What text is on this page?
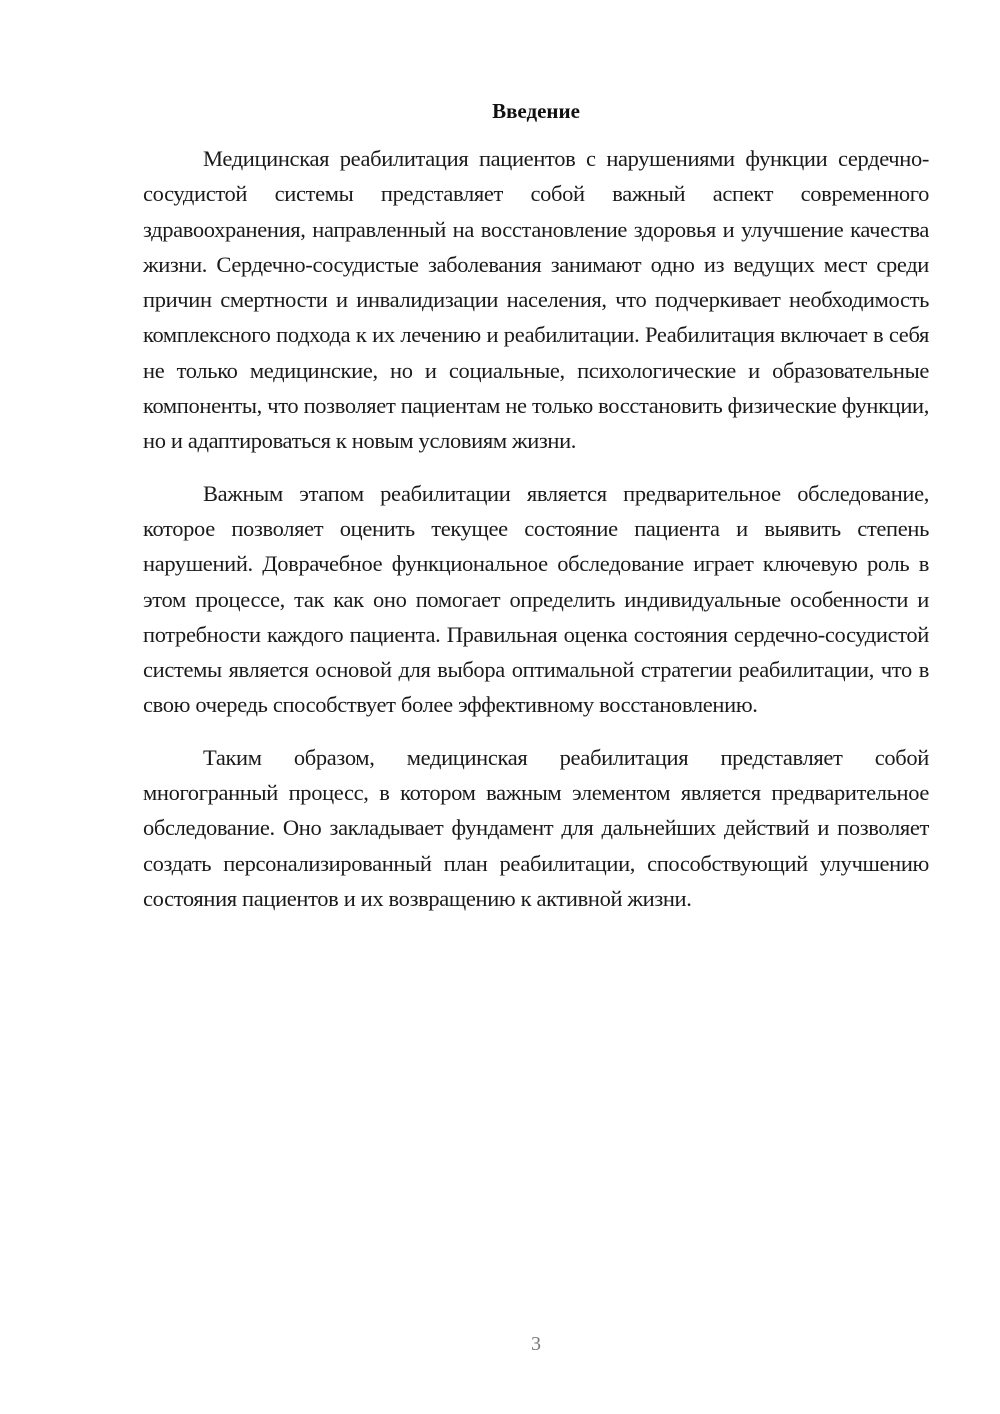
Введение

Медицинская реабилитация пациентов с нарушениями функции сердечно-сосудистой системы представляет собой важный аспект современного здравоохранения, направленный на восстановление здоровья и улучшение качества жизни. Сердечно-сосудистые заболевания занимают одно из ведущих мест среди причин смертности и инвалидизации населения, что подчеркивает необходимость комплексного подхода к их лечению и реабилитации. Реабилитация включает в себя не только медицинские, но и социальные, психологические и образовательные компоненты, что позволяет пациентам не только восстановить физические функции, но и адаптироваться к новым условиям жизни.

Важным этапом реабилитации является предварительное обследование, которое позволяет оценить текущее состояние пациента и выявить степень нарушений. Доврачебное функциональное обследование играет ключевую роль в этом процессе, так как оно помогает определить индивидуальные особенности и потребности каждого пациента. Правильная оценка состояния сердечно-сосудистой системы является основой для выбора оптимальной стратегии реабилитации, что в свою очередь способствует более эффективному восстановлению.

Таким образом, медицинская реабилитация представляет собой многогранный процесс, в котором важным элементом является предварительное обследование. Оно закладывает фундамент для дальнейших действий и позволяет создать персонализированный план реабилитации, способствующий улучшению состояния пациентов и их возвращению к активной жизни.

3
